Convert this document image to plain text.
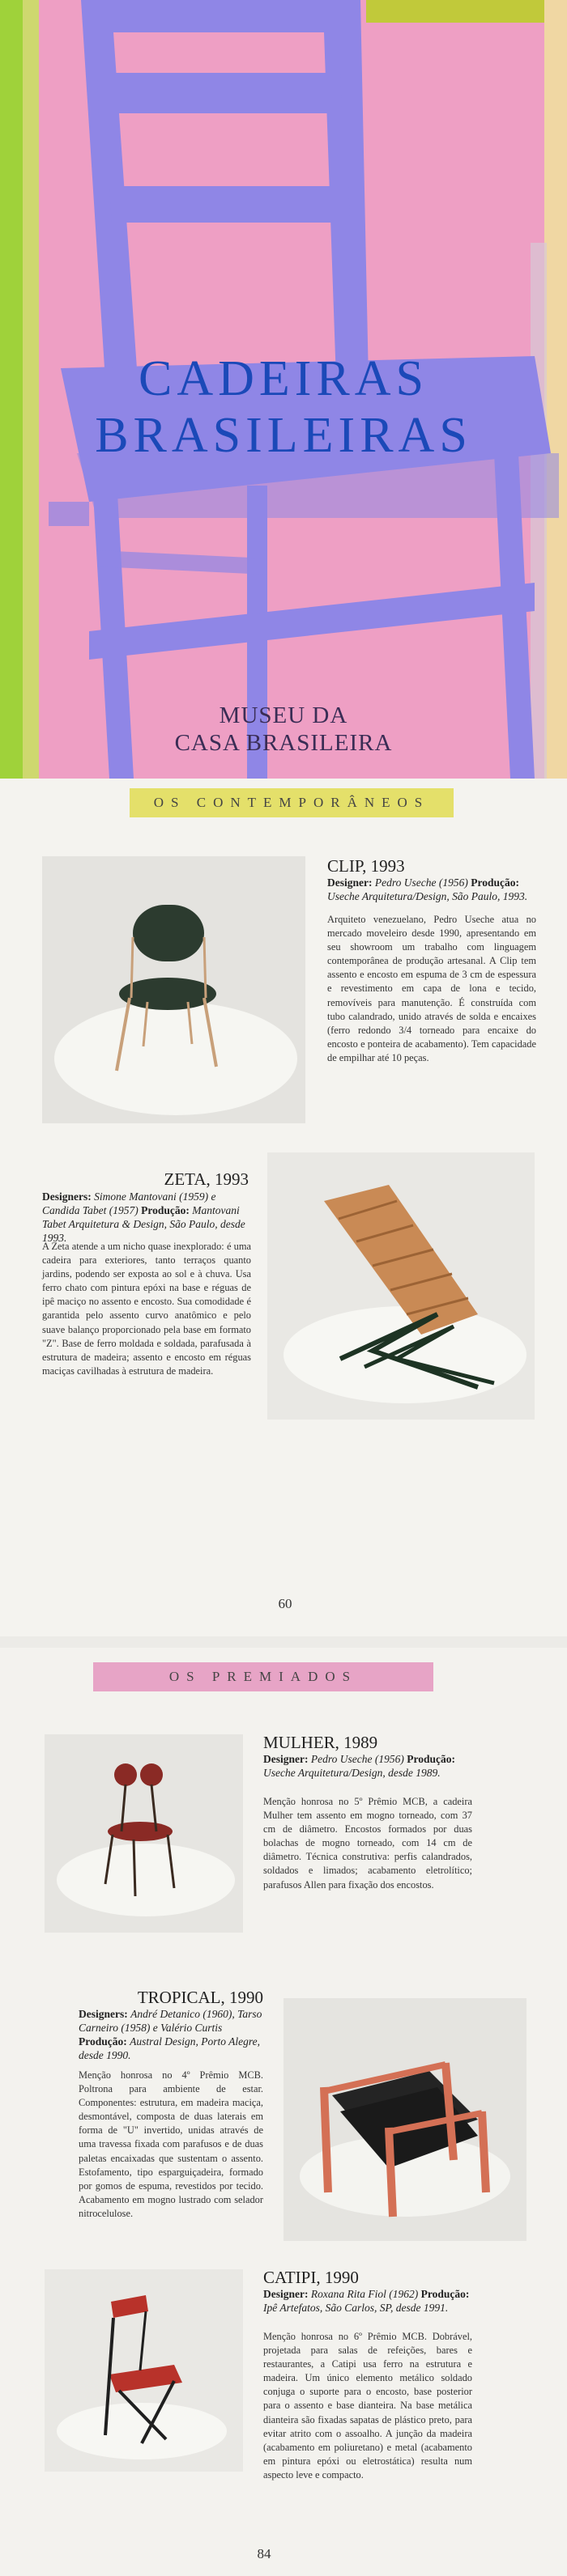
CADEIRAS
BRASILEIRAS
MUSEU DA
CASA BRASILEIRA
OS CONTEMPORÂNEOS
CLIP, 1993
Designer: Pedro Useche (1956) Produção: Useche Arquitetura/Design, São Paulo, 1993.
Arquiteto venezuelano, Pedro Useche atua no mercado moveleiro desde 1990, apresentando em seu showroom um trabalho com linguagem contemporânea de produção artesanal. A Clip tem assento e encosto em espuma de 3 cm de espessura e revestimento em capa de lona e tecido, removíveis para manutenção. É construída com tubo calandrado, unido através de solda e encaixes (ferro redondo 3/4 torneado para encaixe do encosto e ponteira de acabamento). Tem capacidade de empilhar até 10 peças.
ZETA, 1993
Designers: Simone Mantovani (1959) e Candida Tabet (1957) Produção: Mantovani Tabet Arquitetura & Design, São Paulo, desde 1993.
A Zeta atende a um nicho quase inexplorado: é uma cadeira para exteriores, tanto terraços quanto jardins, podendo ser exposta ao sol e à chuva. Usa ferro chato com pintura epóxi na base e réguas de ipê maciço no assento e encosto. Sua comodidade é garantida pelo assento curvo anatômico e pelo suave balanço proporcionado pela base em formato "Z". Base de ferro moldada e soldada, parafusada à estrutura de madeira; assento e encosto em réguas maciças cavilhadas à estrutura de madeira.
60
OS PREMIADOS
MULHER, 1989
Designer: Pedro Useche (1956) Produção: Useche Arquitetura/Design, desde 1989.
Menção honrosa no 5º Prêmio MCB, a cadeira Mulher tem assento em mogno torneado, com 37 cm de diâmetro. Encostos formados por duas bolachas de mogno torneado, com 14 cm de diâmetro. Técnica construtiva: perfis calandrados, soldados e limados; acabamento eletrolítico; parafusos Allen para fixação dos encostos.
TROPICAL, 1990
Designers: André Detanico (1960), Tarso Carneiro (1958) e Valério Curtis Produção: Austral Design, Porto Alegre, desde 1990.
Menção honrosa no 4º Prêmio MCB. Poltrona para ambiente de estar. Componentes: estrutura, em madeira maciça, desmontável, composta de duas laterais em forma de "U" invertido, unidas através de uma travessa fixada com parafusos e de duas paletas encaixadas que sustentam o assento. Estofamento, tipo esparguiçadeira, formado por gomos de espuma, revestidos por tecido. Acabamento em mogno lustrado com selador nitrocelulose.
CATIPI, 1990
Designer: Roxana Rita Fiol (1962) Produção: Ipê Artefatos, São Carlos, SP, desde 1991.
Menção honrosa no 6º Prêmio MCB. Dobrável, projetada para salas de refeições, bares e restaurantes, a Catipi usa ferro na estrutura e madeira. Um único elemento metálico soldado conjuga o suporte para o encosto, base posterior para o assento e base dianteira. Na base metálica dianteira são fixadas sapatas de plástico preto, para evitar atrito com o assoalho. A junção da madeira (acabamento em poliuretano) e metal (acabamento em pintura epóxi ou eletrostática) resulta num aspecto leve e compacto.
84
